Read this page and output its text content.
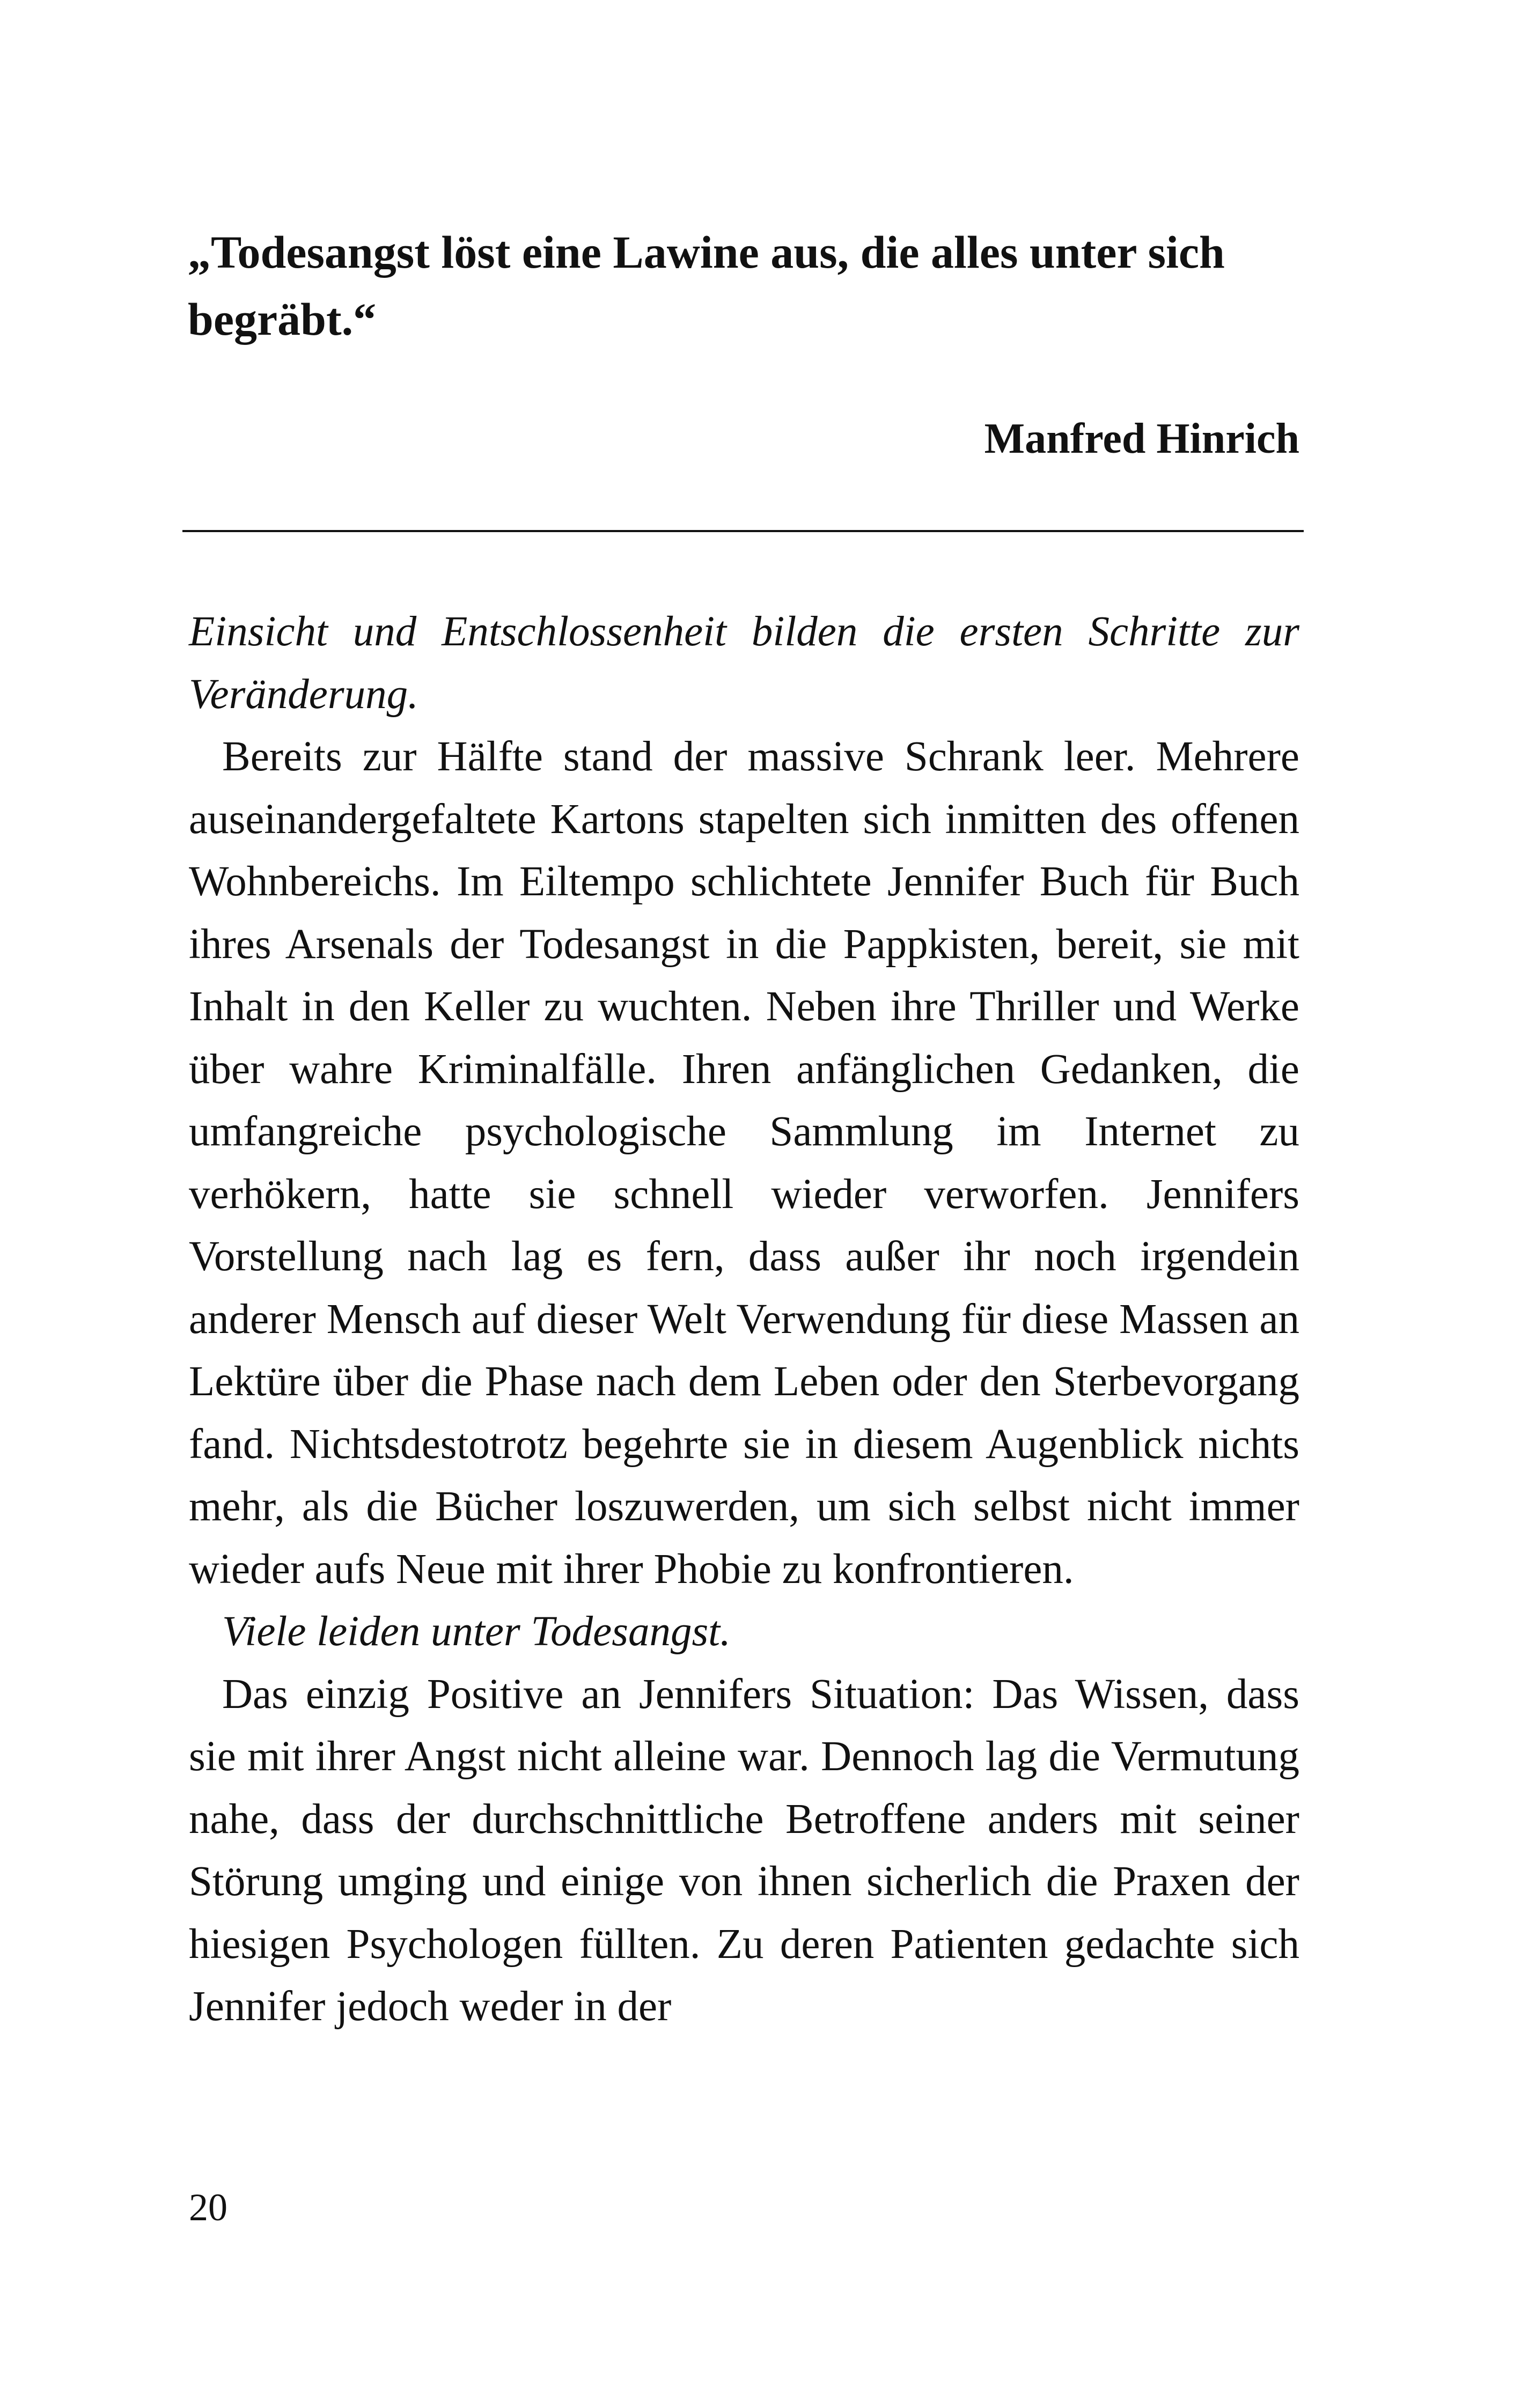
„Todesangst löst eine Lawine aus, die alles unter sich begräbt.“

Manfred Hinrich

Einsicht und Entschlossenheit bilden die ersten Schritte zur Veränderung.

Bereits zur Hälfte stand der massive Schrank leer. Mehrere auseinandergefaltete Kartons stapelten sich inmitten des offenen Wohnbereichs. Im Eiltempo schlichtete Jennifer Buch für Buch ihres Arsenals der Todesangst in die Pappkisten, bereit, sie mit Inhalt in den Keller zu wuchten. Neben ihre Thriller und Werke über wahre Kriminalfälle. Ihren anfänglichen Gedanken, die umfangreiche psychologische Sammlung im Internet zu verhökern, hatte sie schnell wieder verworfen. Jennifers Vorstellung nach lag es fern, dass außer ihr noch irgendein anderer Mensch auf dieser Welt Verwendung für diese Massen an Lektüre über die Phase nach dem Leben oder den Sterbevorgang fand. Nichtsdestotrotz begehrte sie in diesem Augenblick nichts mehr, als die Bücher loszuwerden, um sich selbst nicht immer wieder aufs Neue mit ihrer Phobie zu konfrontieren.

Viele leiden unter Todesangst.

Das einzig Positive an Jennifers Situation: Das Wissen, dass sie mit ihrer Angst nicht alleine war. Dennoch lag die Vermutung nahe, dass der durchschnittliche Betroffene anders mit seiner Störung umging und einige von ihnen sicherlich die Praxen der hiesigen Psychologen füllten. Zu deren Patienten gedachte sich Jennifer jedoch weder in der

20
